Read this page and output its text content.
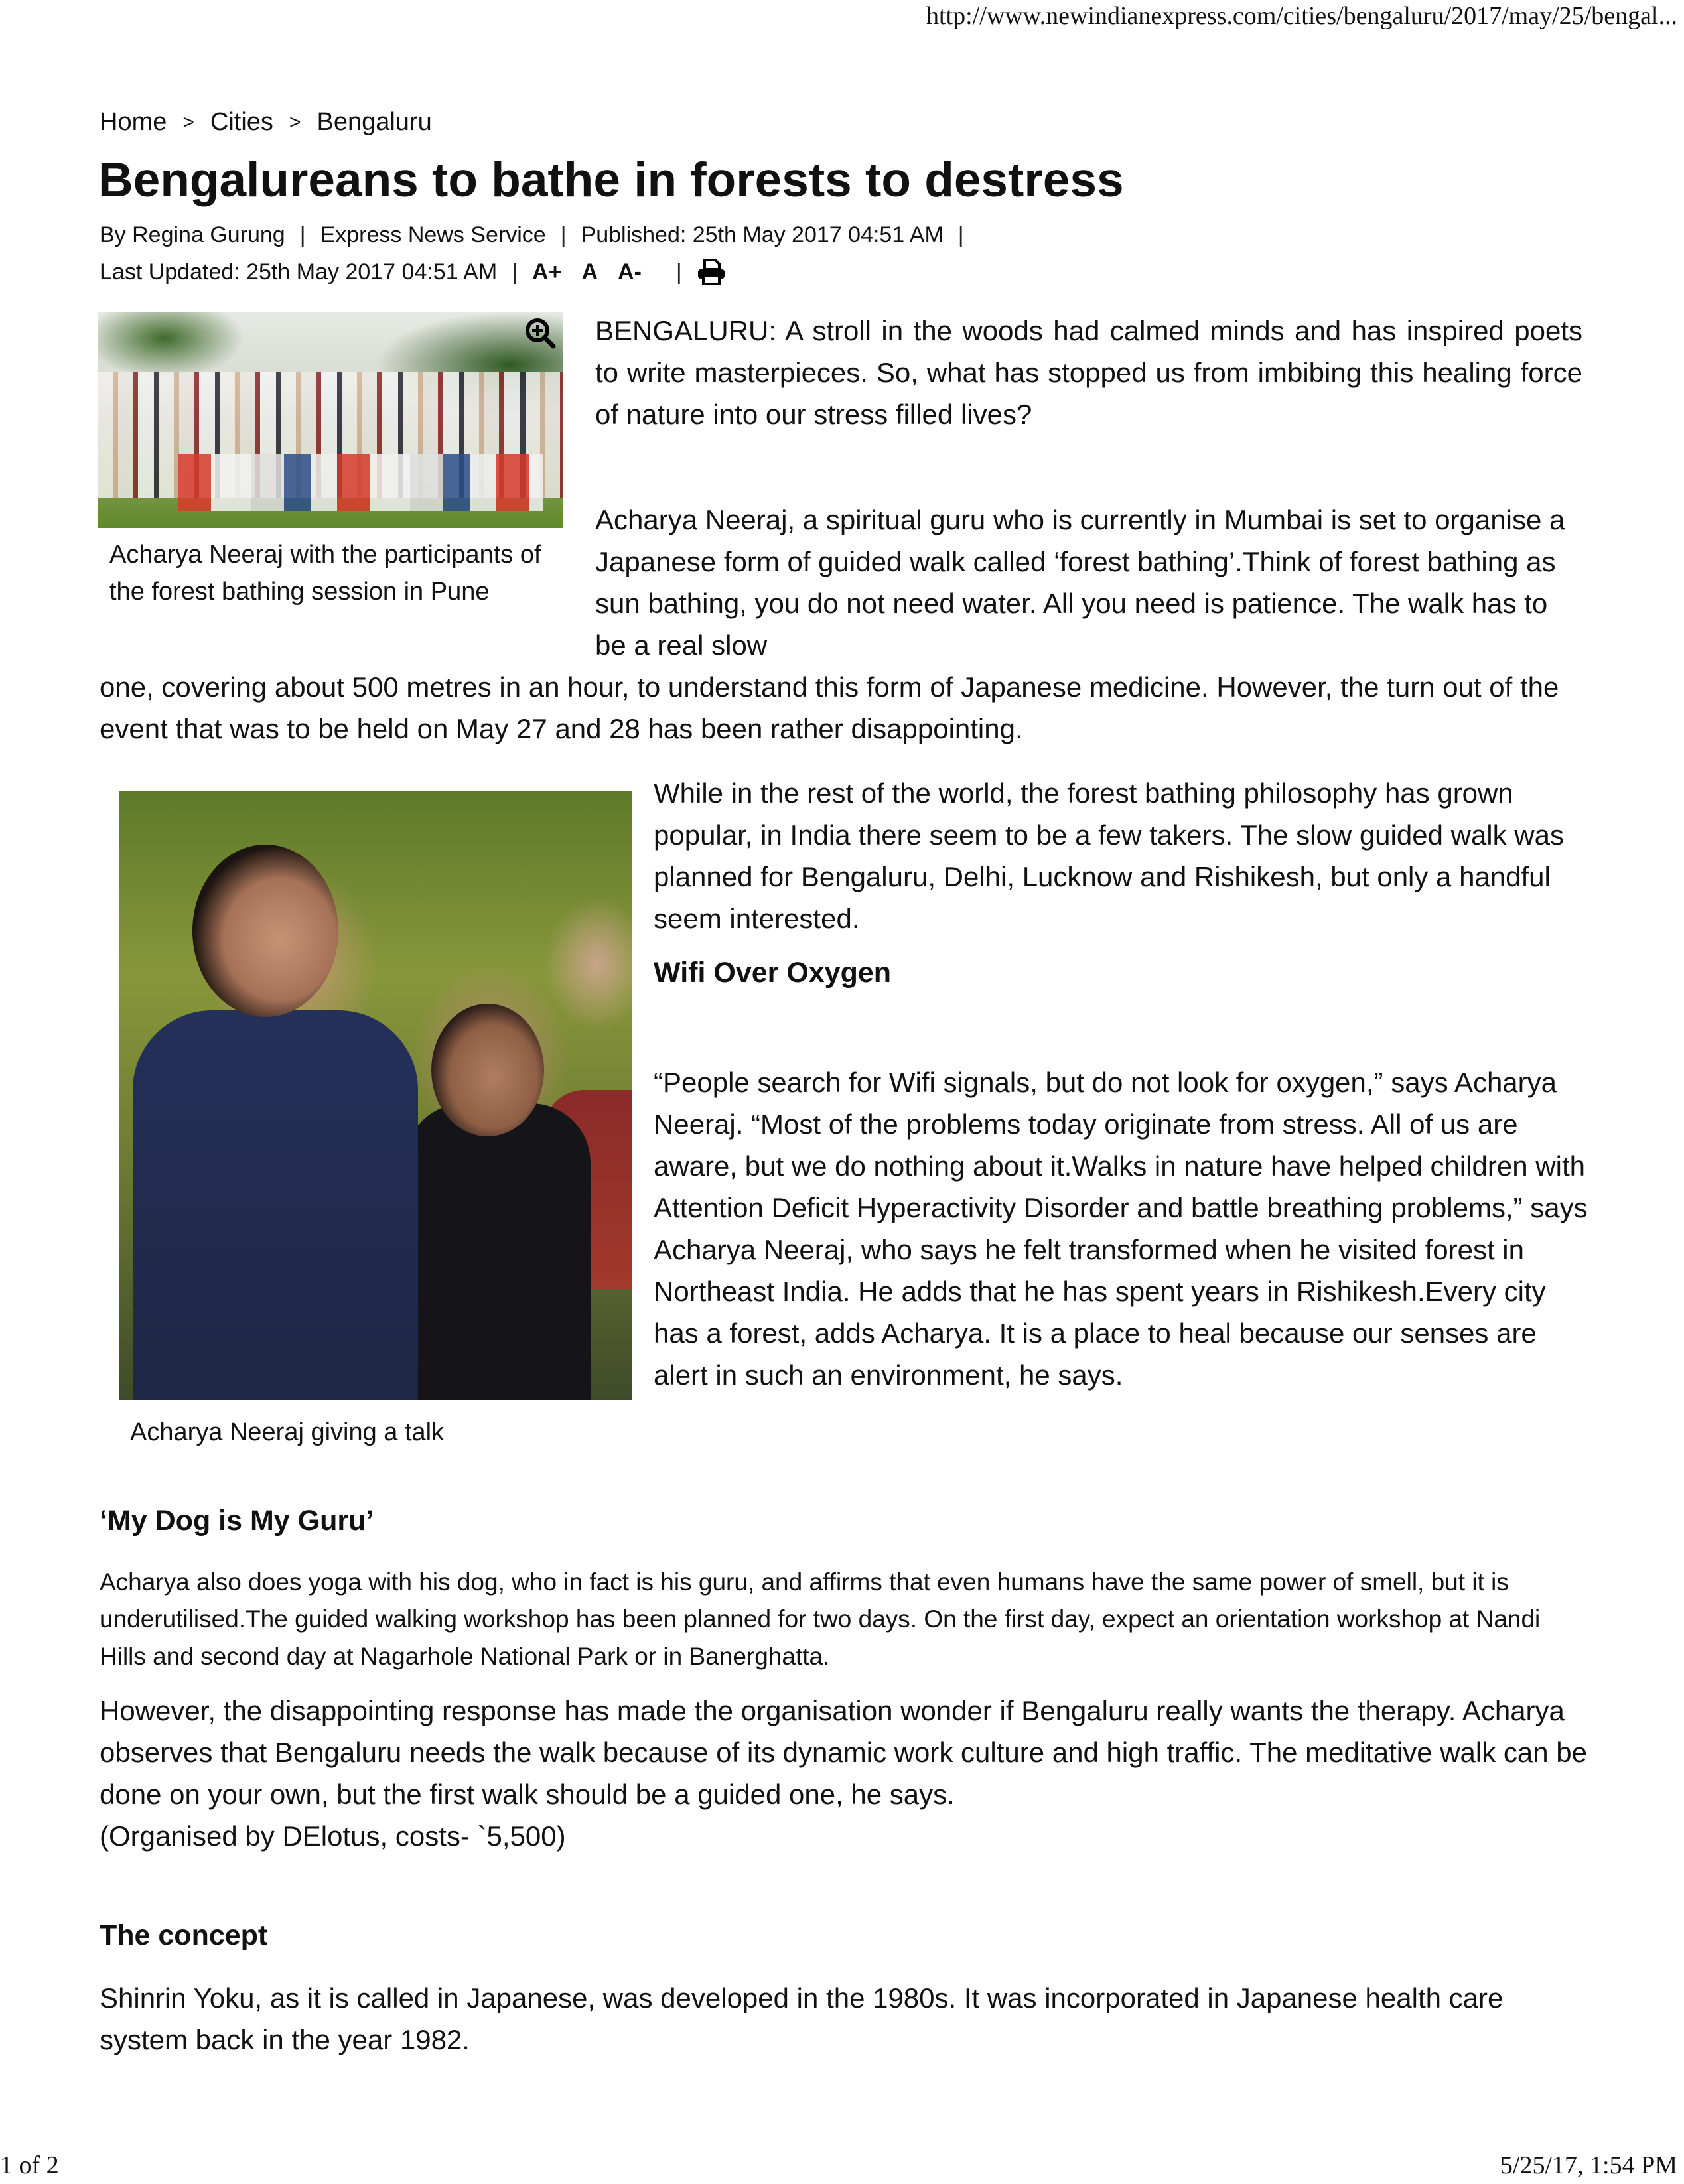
http://www.newindianexpress.com/cities/bengaluru/2017/may/25/bengal...
Home > Cities > Bengaluru
Bengalureans to bathe in forests to destress
By Regina Gurung | Express News Service | Published: 25th May 2017 04:51 AM |
Last Updated: 25th May 2017 04:51 AM | A+ A A- |
Acharya Neeraj with the participants of the forest bathing session in Pune

BENGALURU: A stroll in the woods had calmed minds and has inspired poets to write masterpieces. So, what has stopped us from imbibing this healing force of nature into our stress filled lives?

Acharya Neeraj, a spiritual guru who is currently in Mumbai is set to organise a Japanese form of guided walk called ‘forest bathing’.Think of forest bathing as sun bathing, you do not need water. All you need is patience. The walk has to be a real slow

one, covering about 500 metres in an hour, to understand this form of Japanese medicine. However, the turn out of the event that was to be held on May 27 and 28 has been rather disappointing.

Acharya Neeraj giving a talk

While in the rest of the world, the forest bathing philosophy has grown popular, in India there seem to be a few takers. The slow guided walk was planned for Bengaluru, Delhi, Lucknow and Rishikesh, but only a handful seem interested.

Wifi Over Oxygen

“People search for Wifi signals, but do not look for oxygen,” says Acharya Neeraj. “Most of the problems today originate from stress. All of us are aware, but we do nothing about it.Walks in nature have helped children with Attention Deficit Hyperactivity Disorder and battle breathing problems,” says Acharya Neeraj, who says he felt transformed when he visited forest in Northeast India. He adds that he has spent years in Rishikesh.Every city has a forest, adds Acharya. It is a place to heal because our senses are alert in such an environment, he says.

‘My Dog is My Guru’

Acharya also does yoga with his dog, who in fact is his guru, and affirms that even humans have the same power of smell, but it is underutilised.The guided walking workshop has been planned for two days. On the first day, expect an orientation workshop at Nandi Hills and second day at Nagarhole National Park or in Banerghatta.

However, the disappointing response has made the organisation wonder if Bengaluru really wants the therapy. Acharya observes that Bengaluru needs the walk because of its dynamic work culture and high traffic. The meditative walk can be done on your own, but the first walk should be a guided one, he says.

(Organised by DElotus, costs- `5,500)

The concept

Shinrin Yoku, as it is called in Japanese, was developed in the 1980s. It was incorporated in Japanese health care system back in the year 1982.

1 of 2	5/25/17, 1:54 PM
